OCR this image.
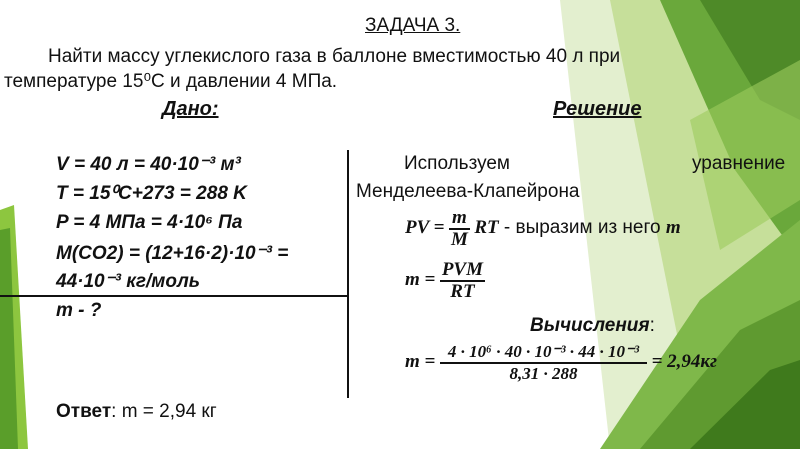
ЗАДАЧА 3.
Найти массу углекислого газа в баллоне вместимостью 40 л при
температуре 15⁰С и давлении 4 МПа.
Дано:	Решение
V = 40 л = 40·10⁻³ м³
T = 15⁰C+273 = 288 K
P = 4 МПа = 4·10⁶ Па
M(CO2) = (12+16·2)·10⁻³ =
44·10⁻³ кг/моль
m - ?
Используем	уравнение
Менделеева-Клапейрона
PV = $\frac{m}{M}$ RT - выразим из него m
$m = \frac{\text{PVM}}{RT}$
Вычисления:
$m = \frac{\text{4 · 10⁶ · 40 · 10⁻³ · 44 · 10⁻³}}{8,31 \cdot 288} = 2,94кг$
Ответ: m = 2,94 кг
